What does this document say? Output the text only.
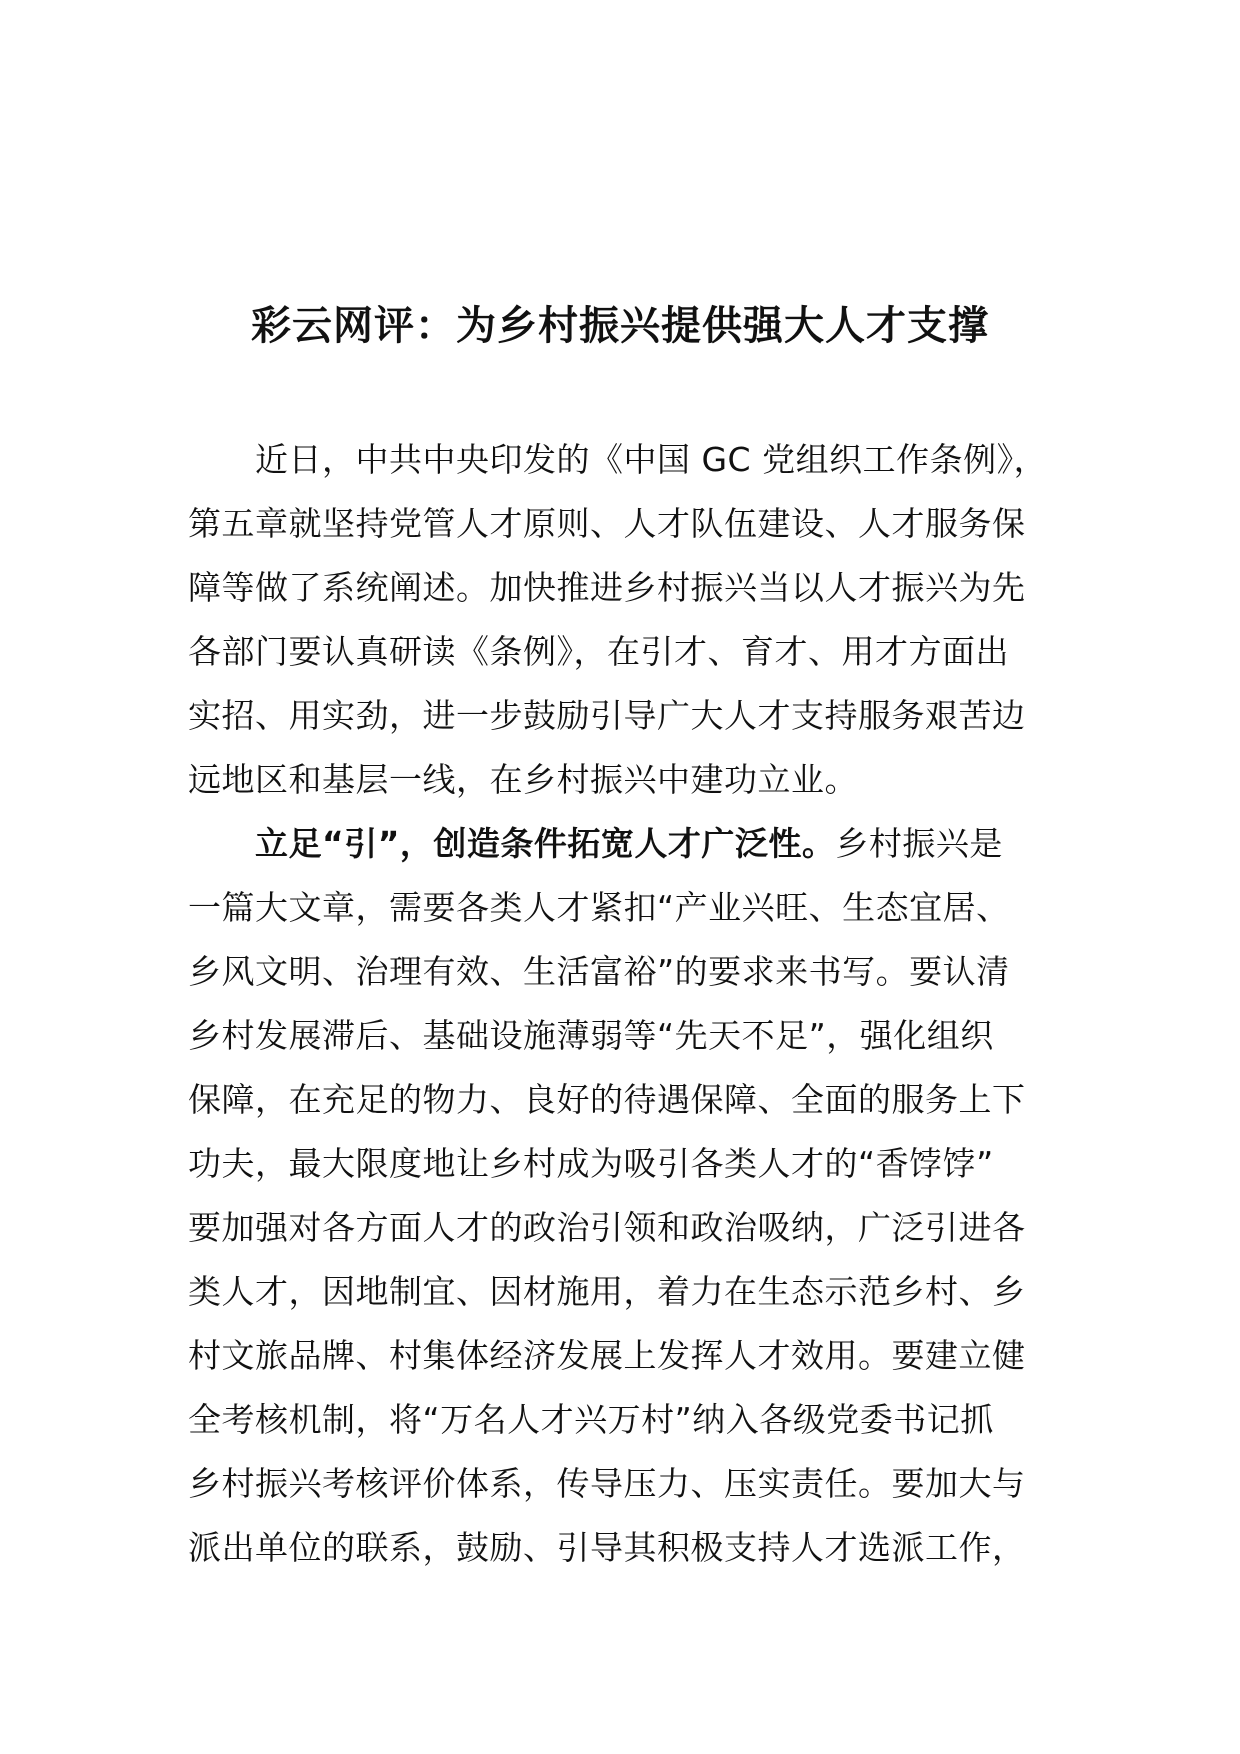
彩云网评：为乡村振兴提供强大人才支撑
近日，中共中央印发的《中国 GC 党组织工作条例》，
第五章就坚持党管人才原则、人才队伍建设、人才服务保
障等做了系统阐述。加快推进乡村振兴当以人才振兴为先
各部门要认真研读《条例》，在引才、育才、用才方面出
实招、用实劲，进一步鼓励引导广大人才支持服务艰苦边
远地区和基层一线，在乡村振兴中建功立业。
立足“引”，创造条件拓宽人才广泛性。乡村振兴是
一篇大文章，需要各类人才紧扣“产业兴旺、生态宜居、
乡风文明、治理有效、生活富裕”的要求来书写。要认清
乡村发展滞后、基础设施薄弱等“先天不足”，强化组织
保障，在充足的物力、良好的待遇保障、全面的服务上下
功夫，最大限度地让乡村成为吸引各类人才的“香饽饽”
要加强对各方面人才的政治引领和政治吸纳，广泛引进各
类人才，因地制宜、因材施用，着力在生态示范乡村、乡
村文旅品牌、村集体经济发展上发挥人才效用。要建立健
全考核机制，将“万名人才兴万村”纳入各级党委书记抓
乡村振兴考核评价体系，传导压力、压实责任。要加大与
派出单位的联系，鼓励、引导其积极支持人才选派工作，
